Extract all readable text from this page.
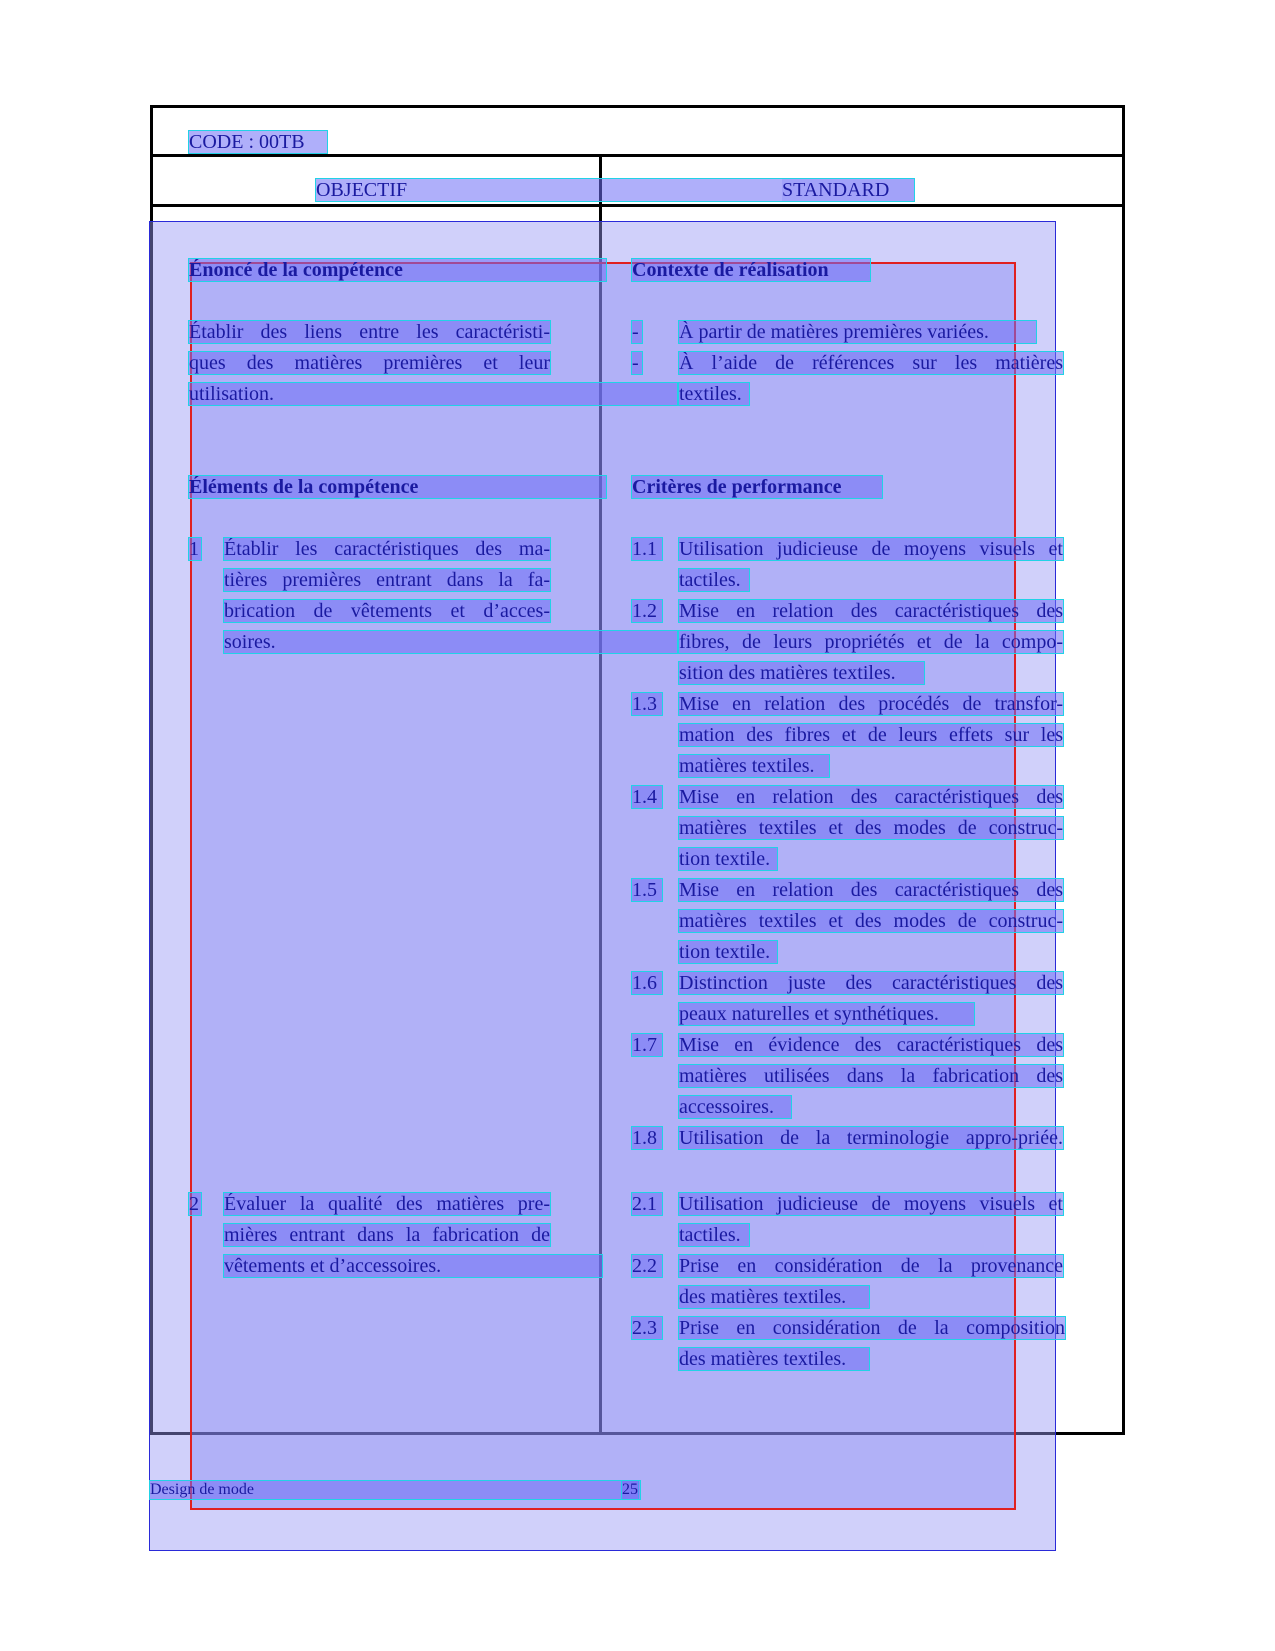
CODE : 00TB
OBJECTIF	STANDARD
Énoncé de la compétence
Établir des liens entre les caractéristi-
ques des matières premières et leur
utilisation.
Éléments de la compétence
1 Établir les caractéristiques des ma-
tières premières entrant dans la fa-
brication de vêtements et d’acces-
soires.
2 Évaluer la qualité des matières pre-
mières entrant dans la fabrication de
vêtements et d’accessoires.
Contexte de réalisation
- À partir de matières premières variées.
- À l’aide de références sur les matières
textiles.
Critères de performance
1.1 Utilisation judicieuse de moyens visuels et
tactiles.
1.2 Mise en relation des caractéristiques des
fibres, de leurs propriétés et de la compo-
sition des matières textiles.
1.3 Mise en relation des procédés de transfor-
mation des fibres et de leurs effets sur les
matières textiles.
1.4 Mise en relation des caractéristiques des
matières textiles et des modes de construc-
tion textile.
1.5 Mise en relation des caractéristiques des
matières textiles et des modes de construc-
tion textile.
1.6 Distinction juste des caractéristiques des
peaux naturelles et synthétiques.
1.7 Mise en évidence des caractéristiques des
matières utilisées dans la fabrication des
accessoires.
1.8 Utilisation de la terminologie appro-priée.
2.1 Utilisation judicieuse de moyens visuels et
tactiles.
2.2 Prise en considération de la provenance
des matières textiles.
2.3 Prise en considération de la composition
des matières textiles.
Design de mode	25
